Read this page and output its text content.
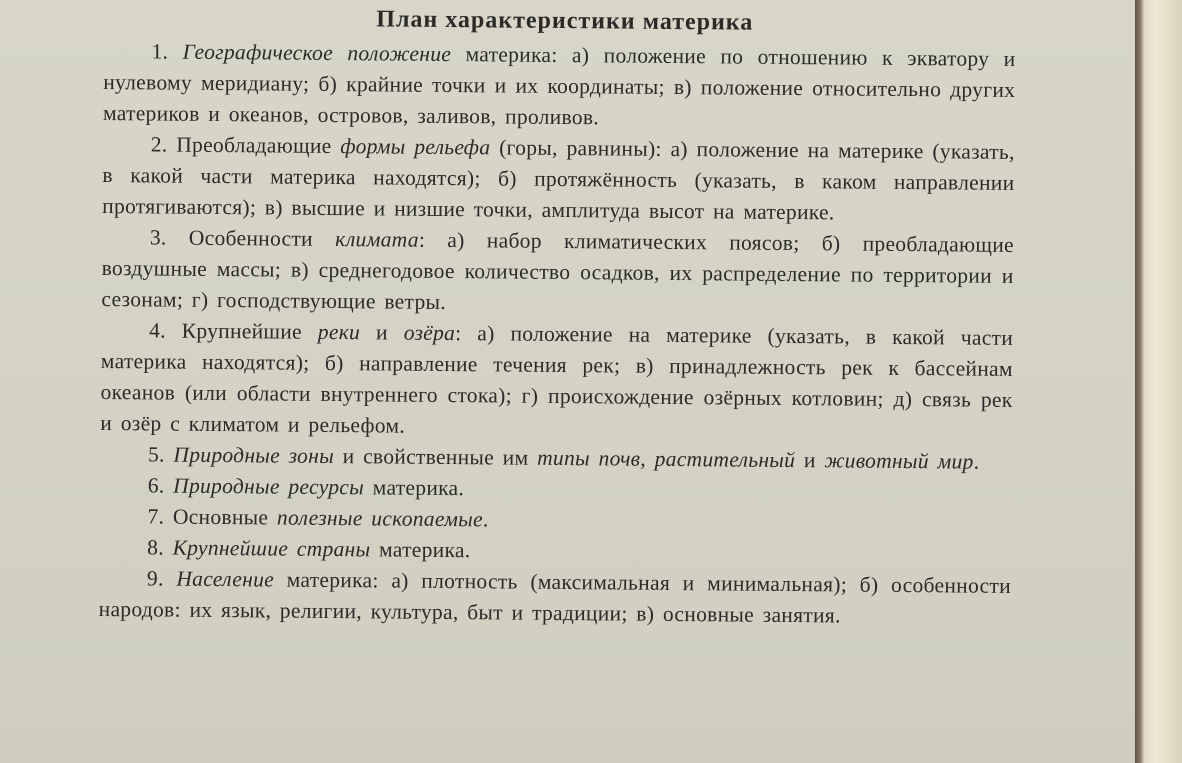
План характеристики материка

1. Географическое положение материка: а) положение по отношению к экватору и нулевому меридиану; б) крайние точки и их координаты; в) положение относительно других материков и океанов, островов, заливов, проливов.

2. Преобладающие формы рельефа (горы, равнины): а) положение на материке (указать, в какой части материка находятся); б) протяжённость (указать, в каком направлении протягиваются); в) высшие и низшие точки, амплитуда высот на материке.

3. Особенности климата: а) набор климатических поясов; б) преобладающие воздушные массы; в) среднегодовое количество осадков, их распределение по территории и сезонам; г) господствующие ветры.

4. Крупнейшие реки и озёра: а) положение на материке (указать, в какой части материка находятся); б) направление течения рек; в) принадлежность рек к бассейнам океанов (или области внутреннего стока); г) происхождение озёрных котловин; д) связь рек и озёр с климатом и рельефом.

5. Природные зоны и свойственные им типы почв, растительный и животный мир.

6. Природные ресурсы материка.

7. Основные полезные ископаемые.

8. Крупнейшие страны материка.

9. Население материка: а) плотность (максимальная и минимальная); б) особенности народов: их язык, религии, культура, быт и традиции; в) основные занятия.
